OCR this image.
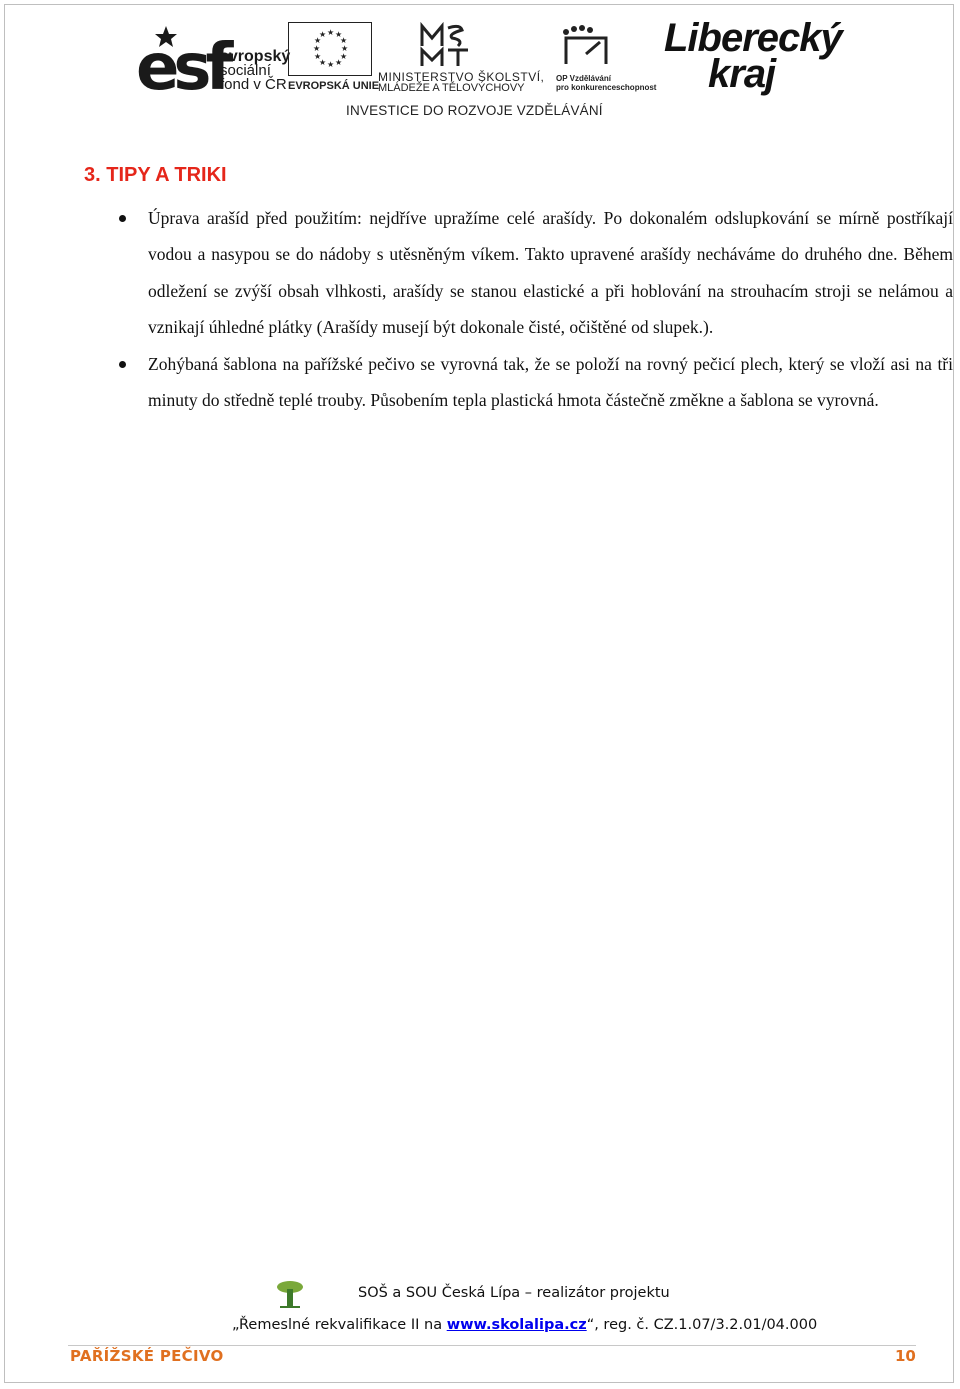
esf
evropský
sociální
fond v ČR
★ ★
★
★
★
★
★
★
★
★
★
★
EVROPSKÁ UNIE
MINISTERSTVO ŠKOLSTVÍ,
MLÁDEŽE A TĚLOVÝCHOVY
OP Vzdělávání
pro konkurenceschopnost
Liberecký
kraj
INVESTICE DO ROZVOJE VZDĚLÁVÁNÍ
3. TIPY A TRIKI
Úprava arašíd před použitím: nejdříve upražíme celé arašídy. Po dokonalém odslupkování se mírně postříkají vodou a nasypou se do nádoby s utěsněným víkem. Takto upravené arašídy necháváme do druhého dne. Během odležení se zvýší obsah vlhkosti, arašídy se stanou elastické a při hoblování na strouhacím stroji se nelámou a vznikají úhledné plátky (Arašídy musejí být dokonale čisté, očištěné od slupek.).
Zohýbaná šablona na pařížské pečivo se vyrovná tak, že se položí na rovný pečicí plech, který se vloží asi na tři minuty do středně teplé trouby. Působením tepla plastická hmota částečně změkne a šablona se vyrovná.
SOŠ a SOU Česká Lípa – realizátor projektu
„Řemeslné rekvalifikace II na www.skolalipa.cz“, reg. č. CZ.1.07/3.2.01/04.000
PAŘÍŽSKÉ PEČIVO	10
